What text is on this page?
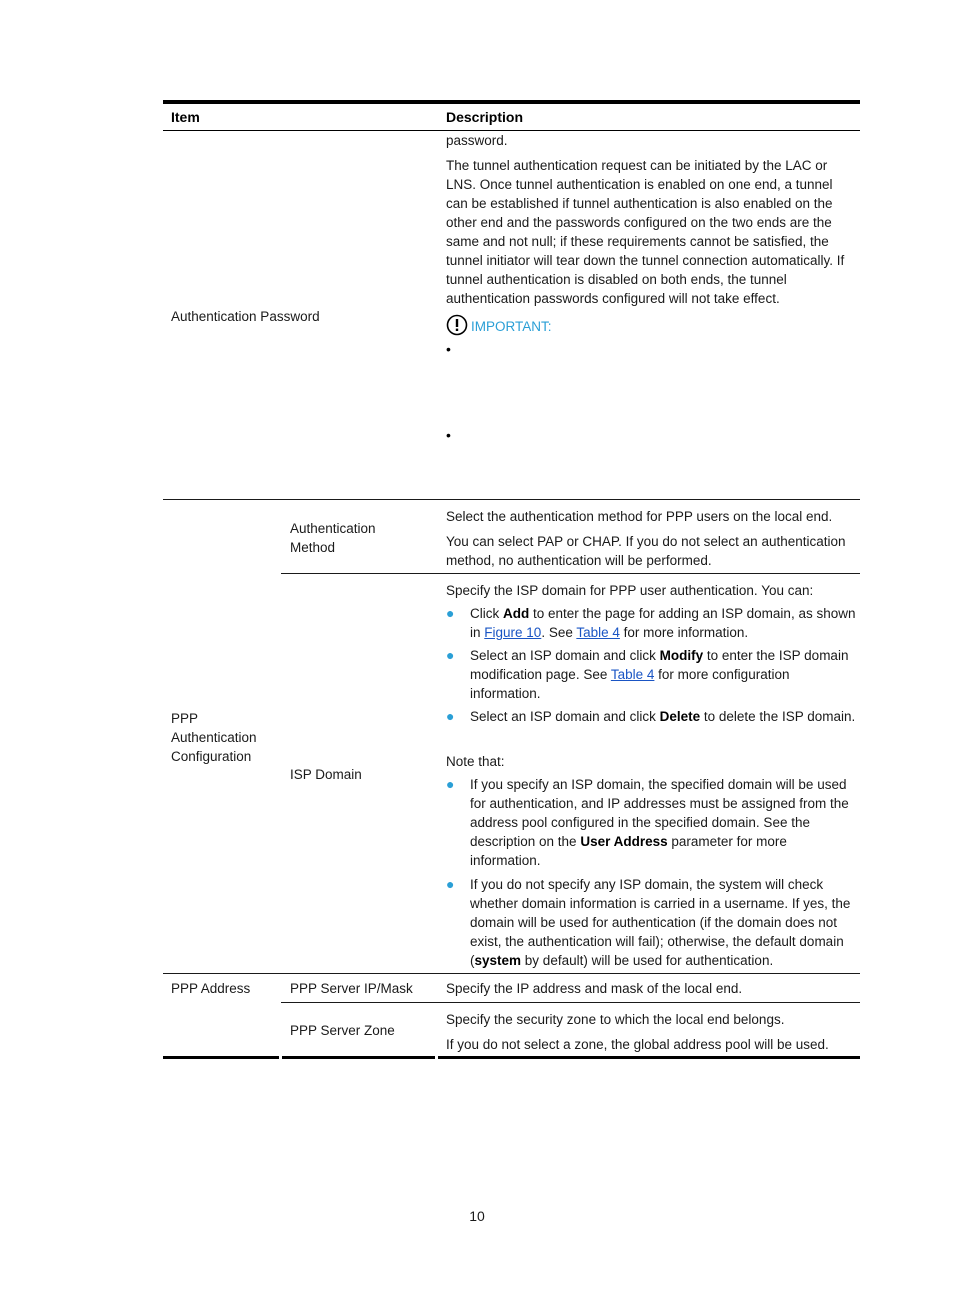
Item	Description
Authentication Password
password.
The tunnel authentication request can be initiated by the LAC or LNS. Once tunnel authentication is enabled on one end, a tunnel can be established if tunnel authentication is also enabled on the other end and the passwords configured on the two ends are the same and not null; if these requirements cannot be satisfied, the tunnel initiator will tear down the tunnel connection automatically. If tunnel authentication is disabled on both ends, the tunnel authentication passwords configured will not take effect.
IMPORTANT:
•
•
PPP Authentication Configuration
Authentication Method
Select the authentication method for PPP users on the local end.
You can select PAP or CHAP. If you do not select an authentication method, no authentication will be performed.
ISP Domain
Specify the ISP domain for PPP user authentication. You can:
● Click Add to enter the page for adding an ISP domain, as shown in Figure 10. See Table 4 for more information.
● Select an ISP domain and click Modify to enter the ISP domain modification page. See Table 4 for more configuration information.
● Select an ISP domain and click Delete to delete the ISP domain.
Note that:
● If you specify an ISP domain, the specified domain will be used for authentication, and IP addresses must be assigned from the address pool configured in the specified domain. See the description on the User Address parameter for more information.
● If you do not specify any ISP domain, the system will check whether domain information is carried in a username. If yes, the domain will be used for authentication (if the domain does not exist, the authentication will fail); otherwise, the default domain (system by default) will be used for authentication.
PPP Address	PPP Server IP/Mask Specify the IP address and mask of the local end.
PPP Server Zone
Specify the security zone to which the local end belongs.
If you do not select a zone, the global address pool will be used.
10
